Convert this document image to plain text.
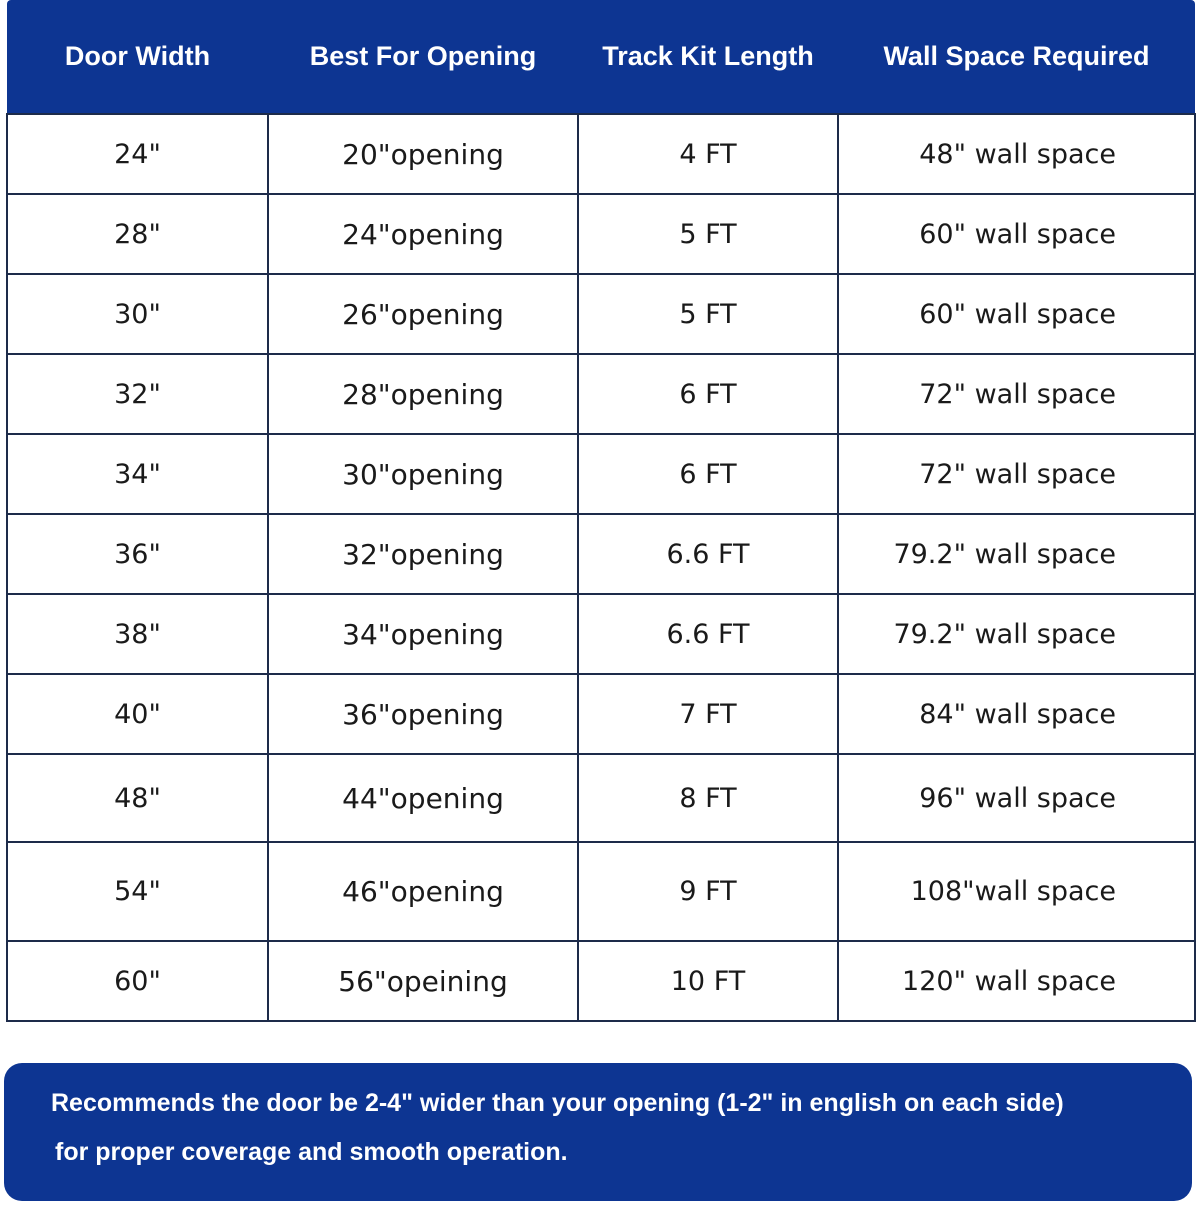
Door Width	Best For Opening	Track Kit Length	Wall Space Required
24"	20"opening	4 FT	48" wall space
28"	24"opening	5 FT	60" wall space
30"	26"opening	5 FT	60" wall space
32"	28"opening	6 FT	72" wall space
34"	30"opening	6 FT	72" wall space
36"	32"opening	6.6 FT	79.2" wall space
38"	34"opening	6.6 FT	79.2" wall space
40"	36"opening	7 FT	84" wall space
48"	44"opening	8 FT	96" wall space
54"	46"opening	9 FT	108"wall space
60"	56"opeining	10 FT	120" wall space
Recommends the door be 2-4" wider than your opening (1-2" in english on each side)
for proper coverage and smooth operation.
